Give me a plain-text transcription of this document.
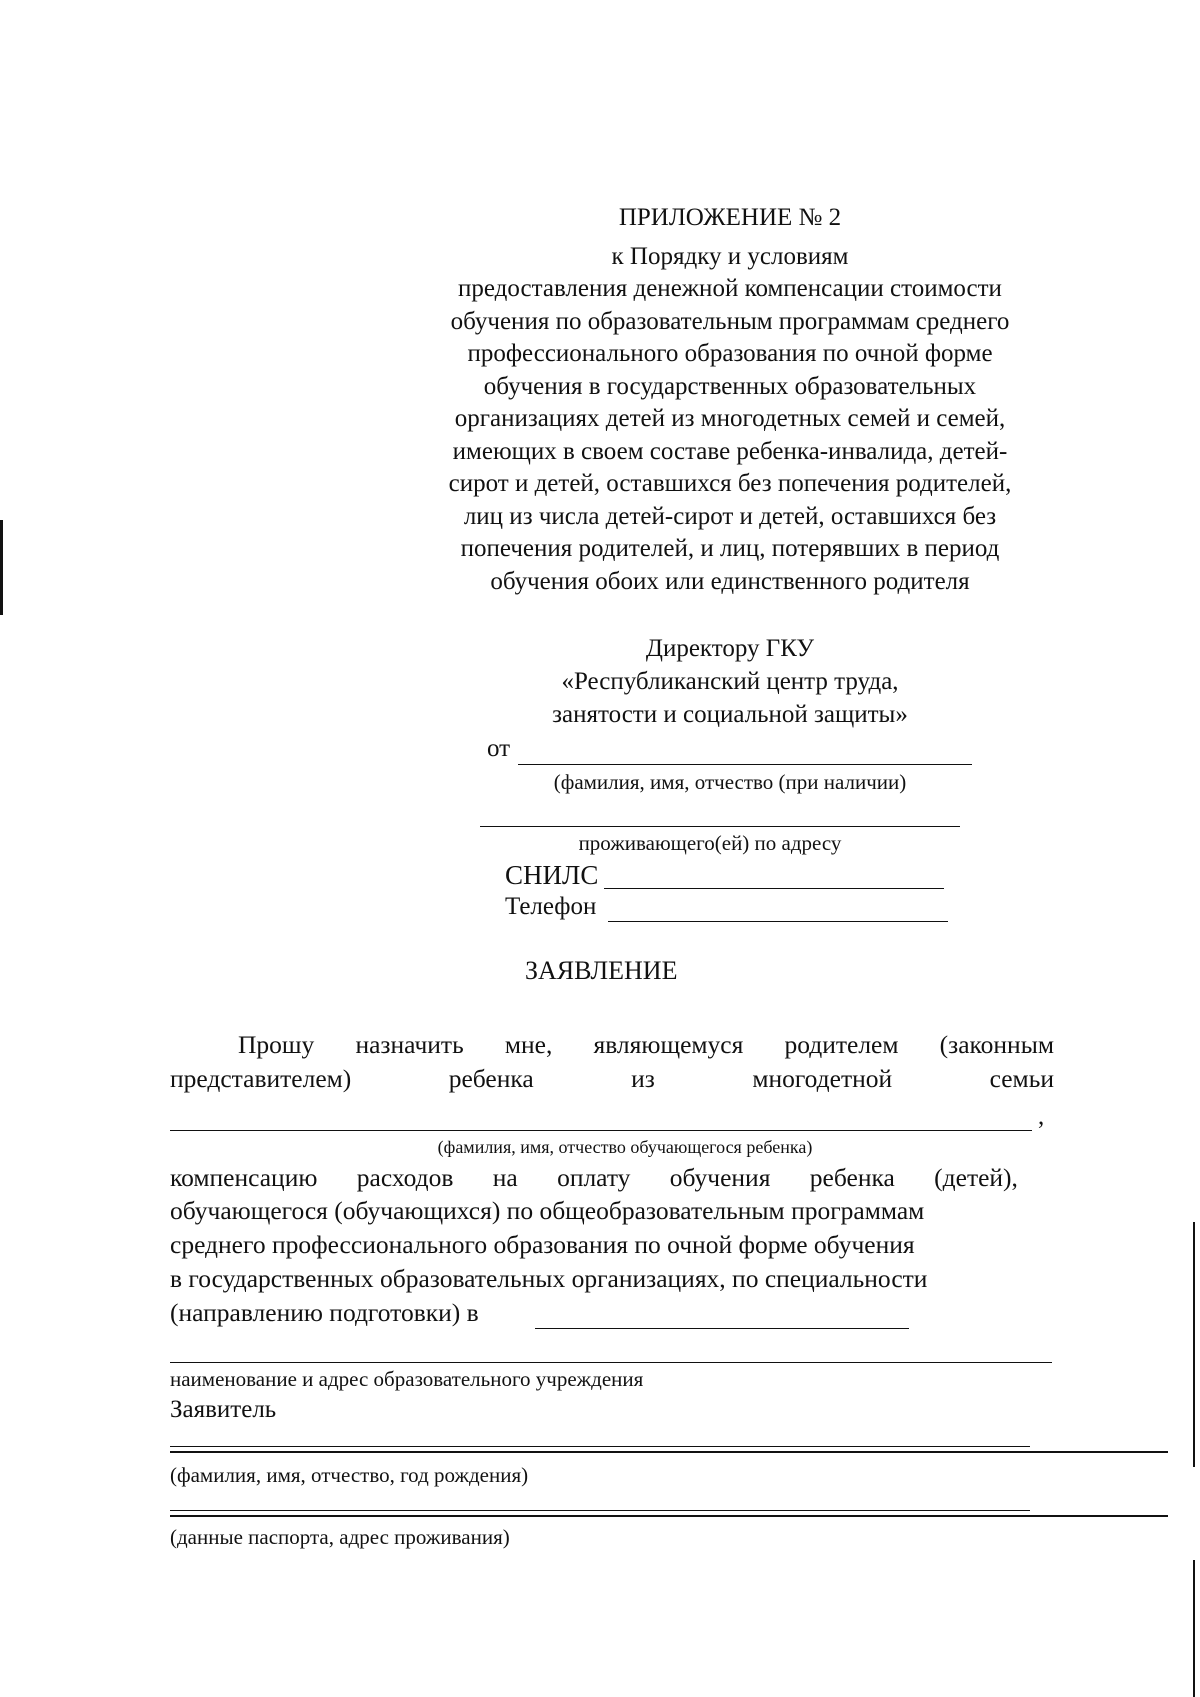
ПРИЛОЖЕНИЕ № 2
к Порядку и условиям
предоставления денежной компенсации стоимости
обучения по образовательным программам среднего
профессионального образования по очной форме
обучения в государственных образовательных
организациях детей из многодетных семей и семей,
имеющих в своем составе ребенка-инвалида, детей-
сирот и детей, оставшихся без попечения родителей,
лиц из числа детей-сирот и детей, оставшихся без
попечения родителей, и лиц, потерявших в период
обучения обоих или единственного родителя
Директору ГКУ
«Республиканский центр труда,
занятости и социальной защиты»
от
(фамилия, имя, отчество (при наличии)
проживающего(ей) по адресу
СНИЛС
Телефон
ЗАЯВЛЕНИЕ
Прошу назначить мне, являющемуся родителем (законным
представителем)	ребенка	из	многодетной	семьи
,
(фамилия, имя, отчество обучающегося ребенка)
компенсацию расходов на оплату обучения ребенка (детей),
обучающегося (обучающихся) по общеобразовательным программам
среднего профессионального образования по очной форме обучения
в государственных образовательных организациях, по специальности
(направлению подготовки) в
наименование и адрес образовательного учреждения
Заявитель
(фамилия, имя, отчество, год рождения)
(данные паспорта, адрес проживания)
